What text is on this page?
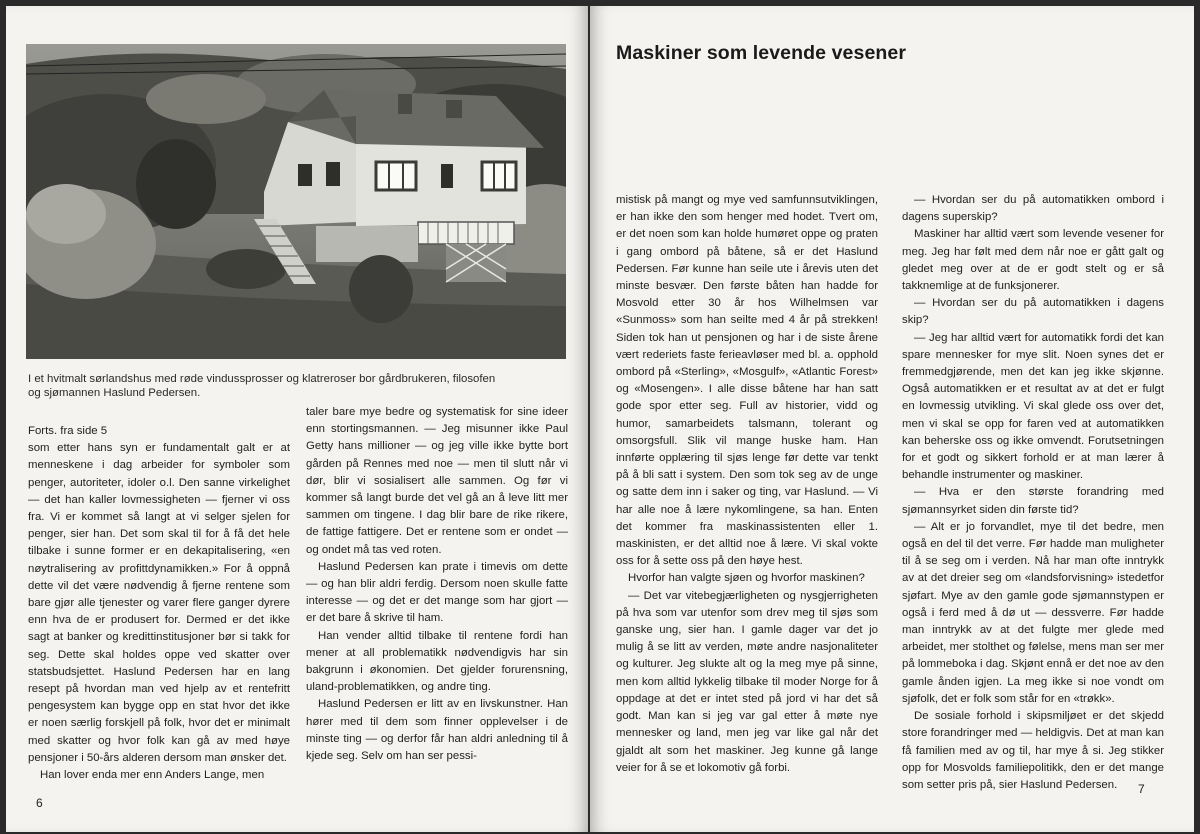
I et hvitmalt sørlandshus med røde vindussprosser og klatreroser bor gårdbrukeren, filosofen
og sjømannen Haslund Pedersen.

Forts. fra side 5

som etter hans syn er fundamentalt galt er at menneskene i dag arbeider for symboler som penger, autoriteter, idoler o.l. Den sanne virkelighet — det han kaller lovmessigheten — fjerner vi oss fra. Vi er kommet så langt at vi selger sjelen for penger, sier han. Det som skal til for å få det hele tilbake i sunne former er en dekapitalisering, «en nøytralisering av profittdynamikken.» For å oppnå dette vil det være nødvendig å fjerne rentene som bare gjør alle tjenester og varer flere ganger dyrere enn hva de er produsert for. Dermed er det ikke sagt at banker og kredittinstitusjoner bør si takk for seg. Dette skal holdes oppe ved skatter over statsbudsjettet. Haslund Pedersen har en lang resept på hvordan man ved hjelp av et rentefritt pengesystem kan bygge opp en stat hvor det ikke er noen særlig forskjell på folk, hvor det er minimalt med skatter og hvor folk kan gå av med høye pensjoner i 50-års alderen dersom man ønsker det.

Han lover enda mer enn Anders Lange, men

taler bare mye bedre og systematisk for sine ideer enn stortingsmannen. — Jeg misunner ikke Paul Getty hans millioner — og jeg ville ikke bytte bort gården på Rennes med noe — men til slutt når vi dør, blir vi sosialisert alle sammen. Og før vi kommer så langt burde det vel gå an å leve litt mer sammen om tingene. I dag blir bare de rike rikere, de fattige fattigere. Det er rentene som er ondet — og ondet må tas ved roten.

Haslund Pedersen kan prate i timevis om dette — og han blir aldri ferdig. Dersom noen skulle fatte interesse — og det er det mange som har gjort — er det bare å skrive til ham.

Han vender alltid tilbake til rentene fordi han mener at all problematikk nødvendigvis har sin bakgrunn i økonomien. Det gjelder forurensning, uland-problematikken, og andre ting.

Haslund Pedersen er litt av en livskunstner. Han hører med til dem som finner opplevelser i de minste ting — og derfor får han aldri anledning til å kjede seg. Selv om han ser pessi-

6
Maskiner som levende vesener

mistisk på mangt og mye ved samfunnsutviklingen, er han ikke den som henger med hodet. Tvert om, er det noen som kan holde humøret oppe og praten i gang ombord på båtene, så er det Haslund Pedersen. Før kunne han seile ute i årevis uten det minste besvær. Den første båten han hadde for Mosvold etter 30 år hos Wilhelmsen var «Sunmoss» som han seilte med 4 år på strekken! Siden tok han ut pensjonen og har i de siste årene vært rederiets faste ferieavløser med bl. a. opphold ombord på «Sterling», «Mosgulf», «Atlantic Forest» og «Mosengen». I alle disse båtene har han satt gode spor etter seg. Full av historier, vidd og humor, samarbeidets talsmann, tolerant og omsorgsfull. Slik vil mange huske ham. Han innførte opplæring til sjøs lenge før dette var tenkt på å bli satt i system. Den som tok seg av de unge og satte dem inn i saker og ting, var Haslund. — Vi har alle noe å lære nykomlingene, sa han. Enten det kommer fra maskinassistenten eller 1. maskinisten, er det alltid noe å lære. Vi skal vokte oss for å sette oss på den høye hest.

Hvorfor han valgte sjøen og hvorfor maskinen?

— Det var vitebegjærligheten og nysgjerrigheten på hva som var utenfor som drev meg til sjøs som ganske ung, sier han. I gamle dager var det jo mulig å se litt av verden, møte andre nasjonaliteter og kulturer. Jeg slukte alt og la meg mye på sinne, men kom alltid lykkelig tilbake til moder Norge for å oppdage at det er intet sted på jord vi har det så godt. Man kan si jeg var gal etter å møte nye mennesker og land, men jeg var like gal når det gjaldt alt som het maskiner. Jeg kunne gå lange veier for å se et lokomotiv gå forbi.

— Hvordan ser du på automatikken ombord i dagens superskip?

Maskiner har alltid vært som levende vesener for meg. Jeg har følt med dem når noe er gått galt og gledet meg over at de er godt stelt og er så takknemlige at de funksjonerer.

— Hvordan ser du på automatikken i dagens skip?

— Jeg har alltid vært for automatikk fordi det kan spare mennesker for mye slit. Noen synes det er fremmedgjørende, men det kan jeg ikke skjønne. Også automatikken er et resultat av at det er fulgt en lovmessig utvikling. Vi skal glede oss over det, men vi skal se opp for faren ved at automatikken kan beherske oss og ikke omvendt. Forutsetningen for et godt og sikkert forhold er at man lærer å behandle instrumenter og maskiner.

— Hva er den største forandring med sjømannsyrket siden din første tid?

— Alt er jo forvandlet, mye til det bedre, men også en del til det verre. Før hadde man muligheter til å se seg om i verden. Nå har man ofte inntrykk av at det dreier seg om «landsforvisning» istedetfor sjøfart. Mye av den gamle gode sjømannstypen er også i ferd med å dø ut — dessverre. Før hadde man inntrykk av at det fulgte mer glede med arbeidet, mer stolthet og følelse, mens man ser mer på lommeboka i dag. Skjønt ennå er det noe av den gamle ånden igjen. La meg ikke si noe vondt om sjøfolk, det er folk som står for en «trøkk».

De sosiale forhold i skipsmiljøet er det skjedd store forandringer med — heldigvis. Det at man kan få familien med av og til, har mye å si. Jeg stikker opp for Mosvolds familiepolitikk, den er det mange som setter pris på, sier Haslund Pedersen.	7
